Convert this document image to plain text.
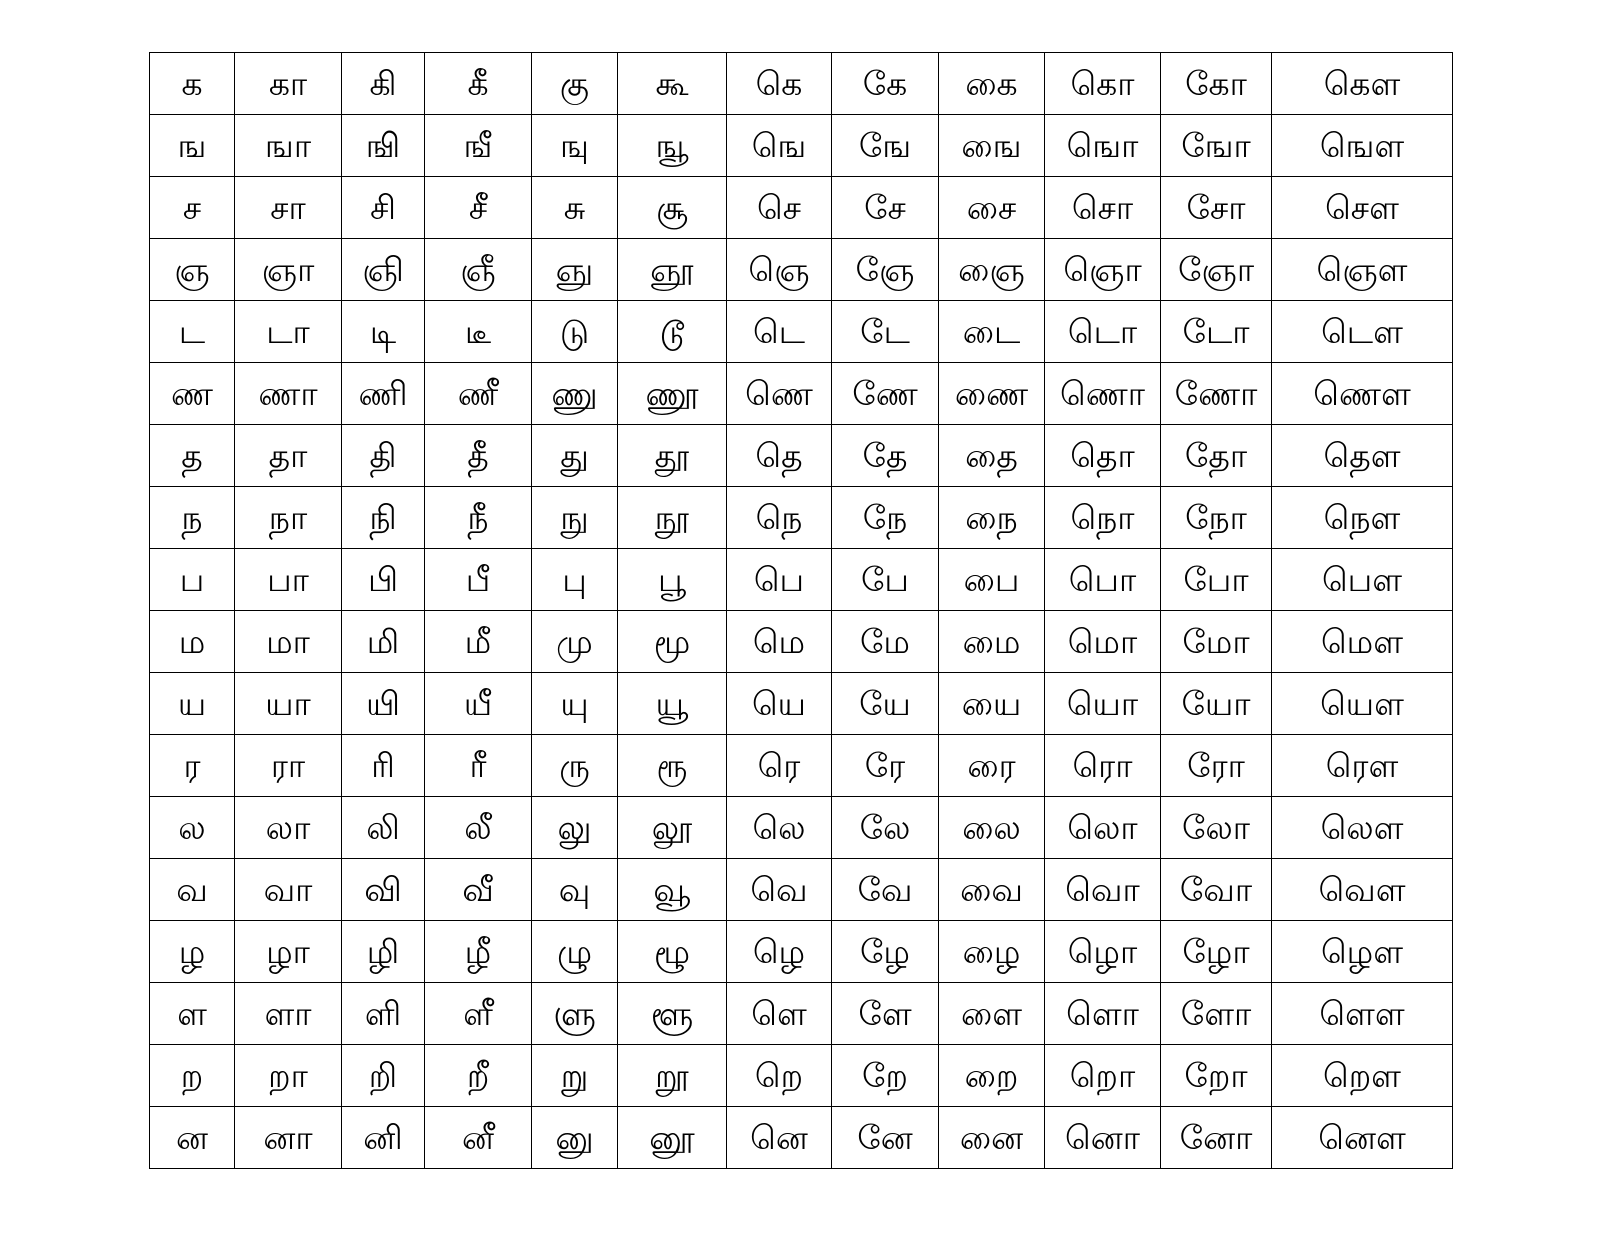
க	கா	கி	கீ	கு	கூ	கெ	கே	கை	கொ	கோ	கௌ
ங	ஙா	ஙி	ஙீ	ஙு	ஙூ	ஙெ	ஙே	ஙை	ஙொ	ஙோ	ஙௌ
ச	சா	சி	சீ	சு	சூ	செ	சே	சை	சொ	சோ	சௌ
ஞ	ஞா	ஞி	ஞீ	ஞு	ஞூ	ஞெ	ஞே	ஞை	ஞொ	ஞோ	ஞௌ
ட	டா	டி	டீ	டு	டூ	டெ	டே	டை	டொ	டோ	டௌ
ண	ணா	ணி	ணீ	ணு	ணூ	ணெ	ணே	ணை	ணொ	ணோ	ணௌ
த	தா	தி	தீ	து	தூ	தெ	தே	தை	தொ	தோ	தௌ
ந	நா	நி	நீ	நு	நூ	நெ	நே	நை	நொ	நோ	நௌ
ப	பா	பி	பீ	பு	பூ	பெ	பே	பை	பொ	போ	பௌ
ம	மா	மி	மீ	மு	மூ	மெ	மே	மை	மொ	மோ	மௌ
ய	யா	யி	யீ	யு	யூ	யெ	யே	யை	யொ	யோ	யௌ
ர	ரா	ரி	ரீ	ரு	ரூ	ரெ	ரே	ரை	ரொ	ரோ	ரௌ
ல	லா	லி	லீ	லு	லூ	லெ	லே	லை	லொ	லோ	லௌ
வ	வா	வி	வீ	வு	வூ	வெ	வே	வை	வொ	வோ	வௌ
ழ	ழா	ழி	ழீ	ழு	ழூ	ழெ	ழே	ழை	ழொ	ழோ	ழௌ
ள	ளா	ளி	ளீ	ளு	ளூ	ளெ	ளே	ளை	ளொ	ளோ	ளௌ
ற	றா	றி	றீ	று	றூ	றெ	றே	றை	றொ	றோ	றௌ
ன	னா	னி	னீ	னு	னூ	னெ	னே	னை	னொ	னோ	னௌ
